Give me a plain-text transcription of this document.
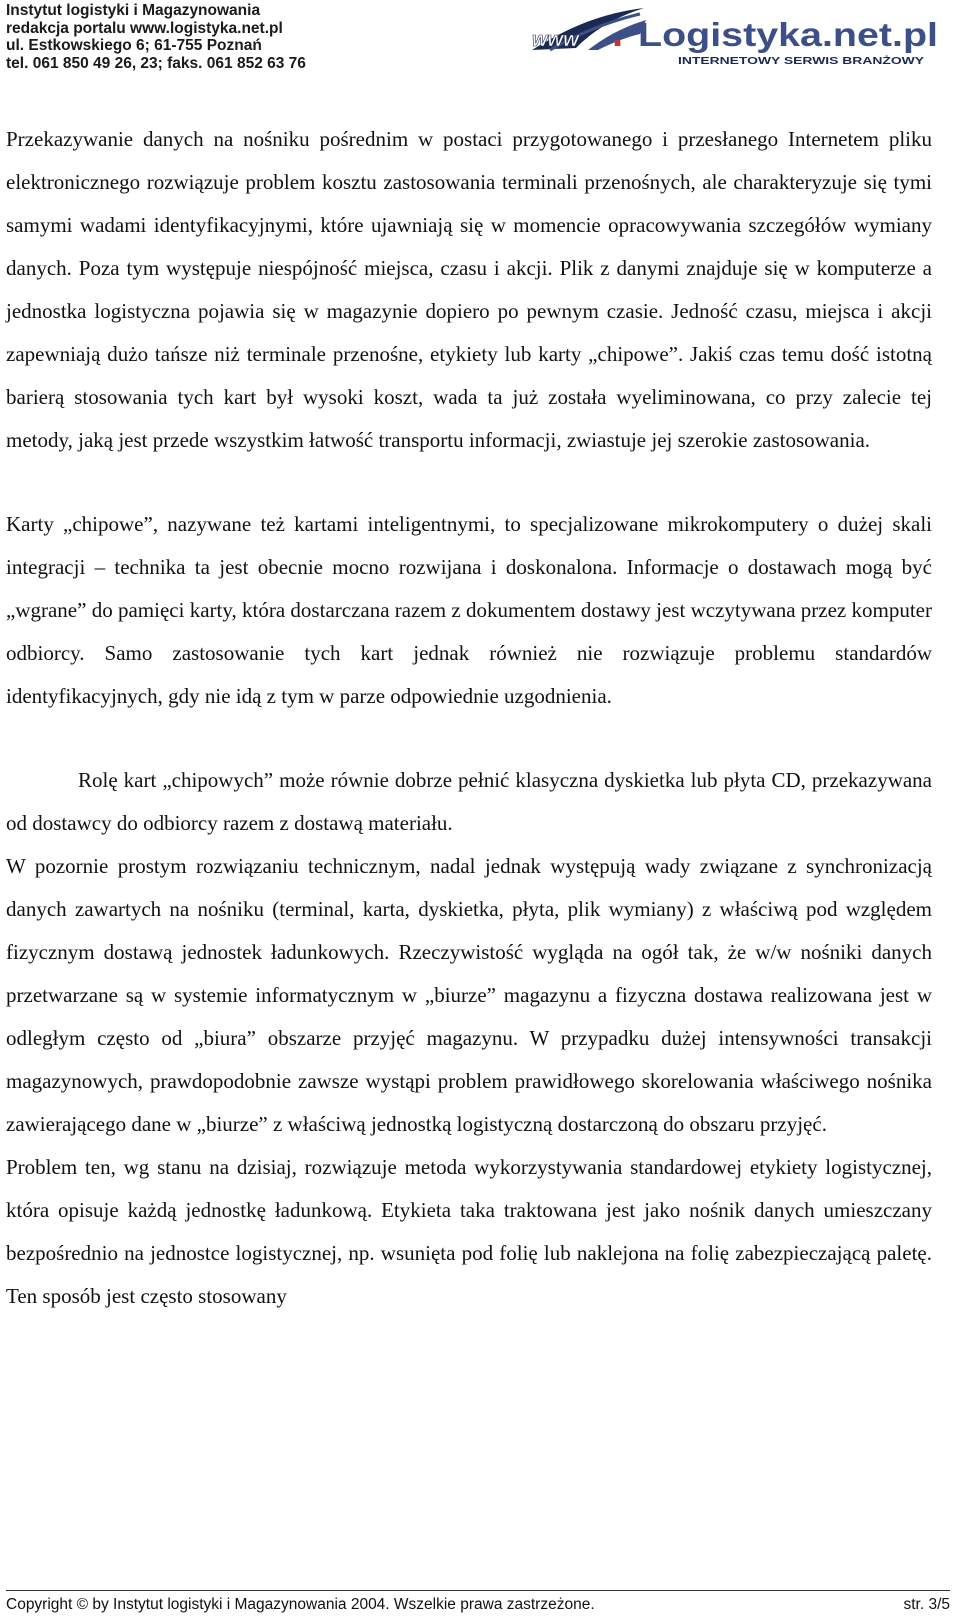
Instytut logistyki i Magazynowania
redakcja portalu www.logistyka.net.pl
ul. Estkowskiego 6; 61-755 Poznań
tel. 061 850 49 26, 23; faks. 061 852 63 76
www . Logistyka.net.pl
INTERNETOWY SERWIS BRANŻOWY

Przekazywanie danych na nośniku pośrednim w postaci przygotowanego i przesłanego Internetem pliku elektronicznego rozwiązuje problem kosztu zastosowania terminali przenośnych, ale charakteryzuje się tymi samymi wadami identyfikacyjnymi, które ujawniają się w momencie opracowywania szczegółów wymiany danych. Poza tym występuje niespójność miejsca, czasu i akcji. Plik z danymi znajduje się w komputerze a jednostka logistyczna pojawia się w magazynie dopiero po pewnym czasie. Jedność czasu, miejsca i akcji zapewniają dużo tańsze niż terminale przenośne, etykiety lub karty „chipowe”. Jakiś czas temu dość istotną barierą stosowania tych kart był wysoki koszt, wada ta już została wyeliminowana, co przy zalecie tej metody, jaką jest przede wszystkim łatwość transportu informacji, zwiastuje jej szerokie zastosowania.

Karty „chipowe”, nazywane też kartami inteligentnymi, to specjalizowane mikrokomputery o dużej skali integracji – technika ta jest obecnie mocno rozwijana i doskonalona. Informacje o dostawach mogą być „wgrane” do pamięci karty, która dostarczana razem z dokumentem dostawy jest wczytywana przez komputer odbiorcy. Samo zastosowanie tych kart jednak również nie rozwiązuje problemu standardów identyfikacyjnych, gdy nie idą z tym w parze odpowiednie uzgodnienia.

Rolę kart „chipowych” może równie dobrze pełnić klasyczna dyskietka lub płyta CD, przekazywana od dostawcy do odbiorcy razem z dostawą materiału.

W pozornie prostym rozwiązaniu technicznym, nadal jednak występują wady związane z synchronizacją danych zawartych na nośniku (terminal, karta, dyskietka, płyta, plik wymiany) z właściwą pod względem fizycznym dostawą jednostek ładunkowych. Rzeczywistość wygląda na ogół tak, że w/w nośniki danych przetwarzane są w systemie informatycznym w „biurze” magazynu a fizyczna dostawa realizowana jest w odległym często od „biura” obszarze przyjęć magazynu. W przypadku dużej intensywności transakcji magazynowych, prawdopodobnie zawsze wystąpi problem prawidłowego skorelowania właściwego nośnika zawierającego dane w „biurze” z właściwą jednostką logistyczną dostarczoną do obszaru przyjęć.

Problem ten, wg stanu na dzisiaj, rozwiązuje metoda wykorzystywania standardowej etykiety logistycznej, która opisuje każdą jednostkę ładunkową. Etykieta taka traktowana jest jako nośnik danych umieszczany bezpośrednio na jednostce logistycznej, np. wsunięta pod folię lub naklejona na folię zabezpieczającą paletę. Ten sposób jest często stosowany

Copyright © by Instytut logistyki i Magazynowania 2004. Wszelkie prawa zastrzeżone.	str. 3/5
